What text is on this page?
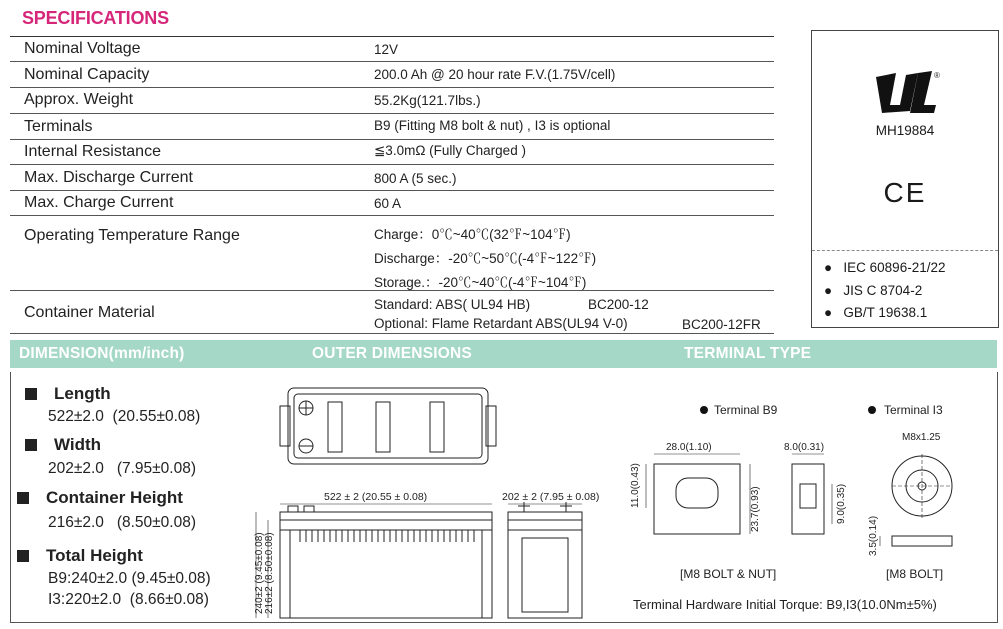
SPECIFICATIONS
Nominal Voltage	12V
Nominal Capacity	200.0 Ah @ 20 hour rate F.V.(1.75V/cell)
Approx. Weight	55.2Kg(121.7lbs.)
Terminals	B9 (Fitting M8 bolt & nut) , I3 is optional
Internal Resistance	≦3.0mΩ (Fully Charged )
Max. Discharge Current	800 A (5 sec.)
Max. Charge Current	60 A
Operating Temperature Range	Charge：0℃~40℃(32℉~104℉)
Discharge：-20℃~50℃(-4℉~122℉)
Storage.：-20℃~40℃(-4℉~104℉)
Container Material	Standard: ABS( UL94 HB)	BC200-12
Optional: Flame Retardant ABS(UL94 V-0)	BC200-12FR
®
MH19884
CE
●   IEC 60896-21/22
●   JIS C 8704-2
●   GB/T 19638.1
DIMENSION(mm/inch)	OUTER DIMENSIONS	TERMINAL TYPE
Length
522±2.0 (20.55±0.08)
Width
202±2.0 (7.95±0.08)
Container Height
216±2.0 (8.50±0.08)
Total Height
B9:240±2.0 (9.45±0.08)
I3:220±2.0 (8.66±0.08)
522 ± 2 (20.55 ± 0.08)	202 ± 2 (7.95 ± 0.08)
240±2 (9.45±0.08) 216±2 (8.50±0.08)
Terminal B9	Terminal I3
28.0(1.10)	8.0(0.31)
11.0(0.43)
23.7(0.93)	9.0(0.35)
M8x1.25
3.5(0.14)
[M8 BOLT & NUT]	[M8 BOLT]
Terminal Hardware Initial Torque: B9,I3(10.0Nm±5%)
